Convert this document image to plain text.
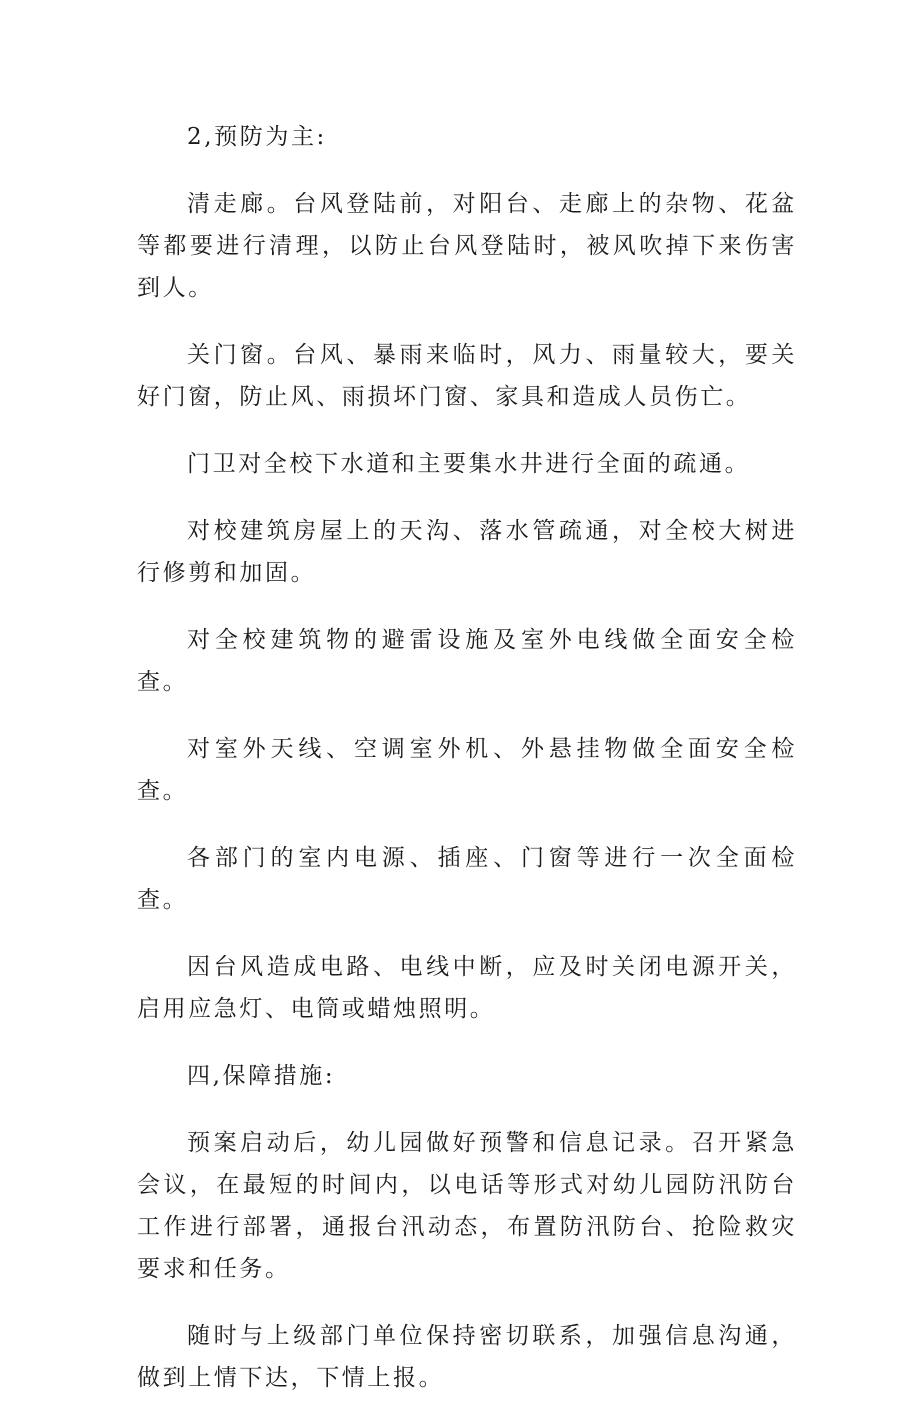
2,预防为主:

清走廊。台风登陆前，对阳台、走廊上的杂物、花盆等都要进行清理，以防止台风登陆时，被风吹掉下来伤害到人。

关门窗。台风、暴雨来临时，风力、雨量较大，要关好门窗，防止风、雨损坏门窗、家具和造成人员伤亡。

门卫对全校下水道和主要集水井进行全面的疏通。

对校建筑房屋上的天沟、落水管疏通，对全校大树进行修剪和加固。

对全校建筑物的避雷设施及室外电线做全面安全检查。

对室外天线、空调室外机、外悬挂物做全面安全检查。

各部门的室内电源、插座、门窗等进行一次全面检查。

因台风造成电路、电线中断，应及时关闭电源开关，启用应急灯、电筒或蜡烛照明。

四,保障措施:

预案启动后，幼儿园做好预警和信息记录。召开紧急会议，在最短的时间内，以电话等形式对幼儿园防汛防台工作进行部署，通报台汛动态，布置防汛防台、抢险救灾要求和任务。

随时与上级部门单位保持密切联系，加强信息沟通，做到上情下达，下情上报。
